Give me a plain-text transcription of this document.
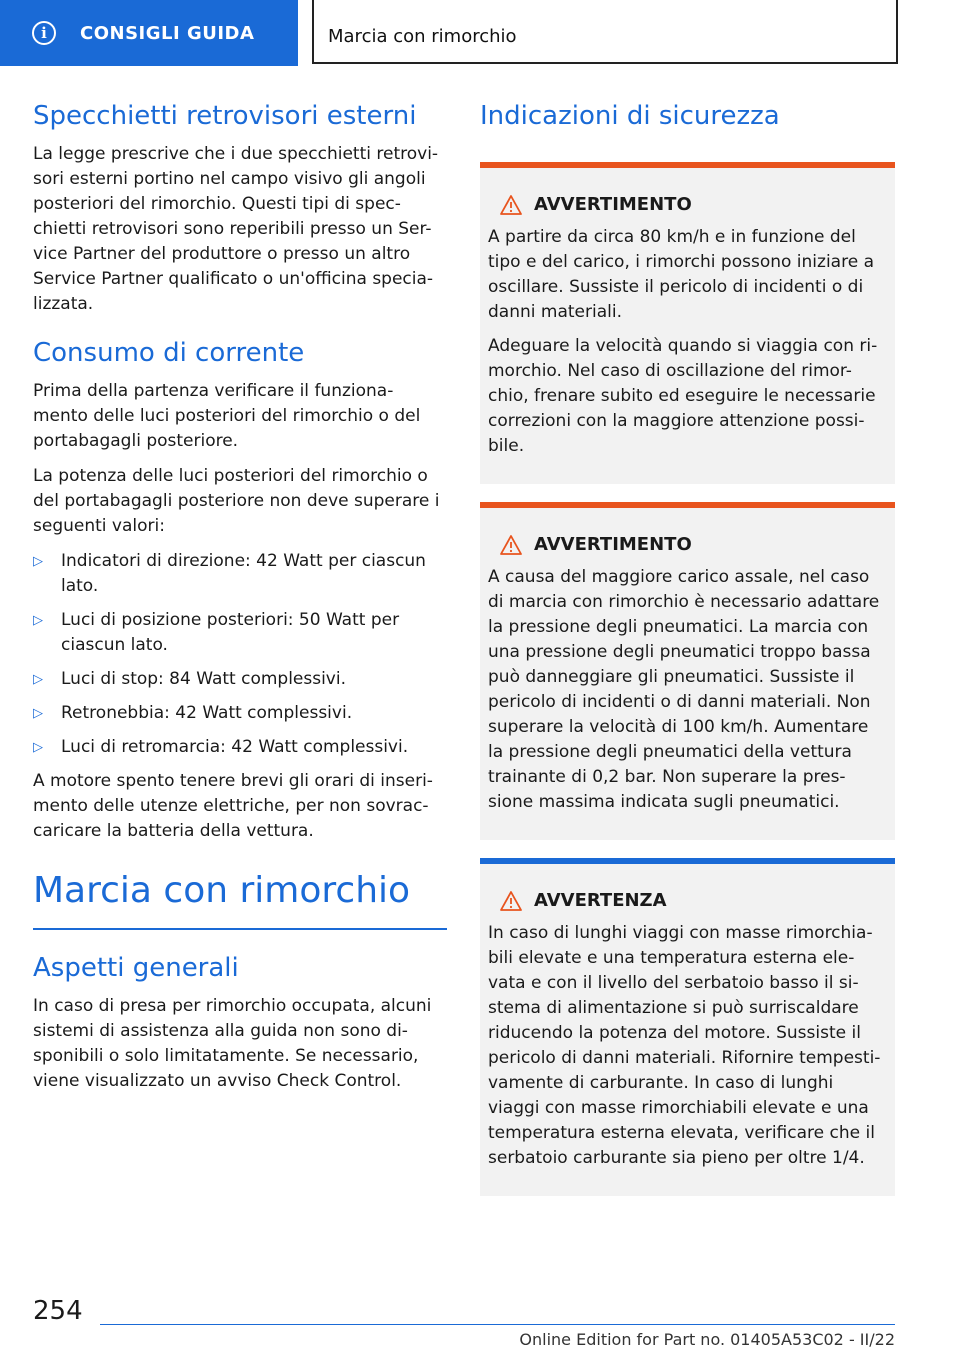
i	CONSIGLI GUIDA	Marcia con rimorchio
Specchietti retrovisori esterni

La legge prescrive che i due specchietti retrovi-sori esterni portino nel campo visivo gli angoli posteriori del rimorchio. Questi tipi di spec-chietti retrovisori sono reperibili presso un Ser-vice Partner del produttore o presso un altro Service Partner qualificato o un'officina specia-lizzata.

Consumo di corrente

Prima della partenza verificare il funziona-mento delle luci posteriori del rimorchio o del portabagagli posteriore.

La potenza delle luci posteriori del rimorchio o del portabagagli posteriore non deve superare i seguenti valori:

▷ Indicatori di direzione: 42 Watt per ciascun lato.
▷ Luci di posizione posteriori: 50 Watt per ciascun lato.
▷ Luci di stop: 84 Watt complessivi.
▷ Retronebbia: 42 Watt complessivi.
▷ Luci di retromarcia: 42 Watt complessivi.

A motore spento tenere brevi gli orari di inseri-mento delle utenze elettriche, per non sovrac-caricare la batteria della vettura.

Marcia con rimorchio
Aspetti generali

In caso di presa per rimorchio occupata, alcuni sistemi di assistenza alla guida non sono di-sponibili o solo limitatamente. Se necessario, viene visualizzato un avviso Check Control.

Indicazioni di sicurezza
AVVERTIMENTO

A partire da circa 80 km/h e in funzione del tipo e del carico, i rimorchi possono iniziare a oscillare. Sussiste il pericolo di incidenti o di danni materiali.

Adeguare la velocità quando si viaggia con ri-morchio. Nel caso di oscillazione del rimor-chio, frenare subito ed eseguire le necessarie correzioni con la maggiore attenzione possi-bile.

AVVERTIMENTO

A causa del maggiore carico assale, nel caso di marcia con rimorchio è necessario adattare la pressione degli pneumatici. La marcia con una pressione degli pneumatici troppo bassa può danneggiare gli pneumatici. Sussiste il pericolo di incidenti o di danni materiali. Non superare la velocità di 100 km/h. Aumentare la pressione degli pneumatici della vettura trainante di 0,2 bar. Non superare la pres-sione massima indicata sugli pneumatici.

AVVERTENZA

In caso di lunghi viaggi con masse rimorchia-bili elevate e una temperatura esterna ele-vata e con il livello del serbatoio basso il si-stema di alimentazione si può surriscaldare riducendo la potenza del motore. Sussiste il pericolo di danni materiali. Rifornire tempesti-vamente di carburante. In caso di lunghi viaggi con masse rimorchiabili elevate e una temperatura esterna elevata, verificare che il serbatoio carburante sia pieno per oltre 1/4.

254
Online Edition for Part no. 01405A53C02 - II/22
